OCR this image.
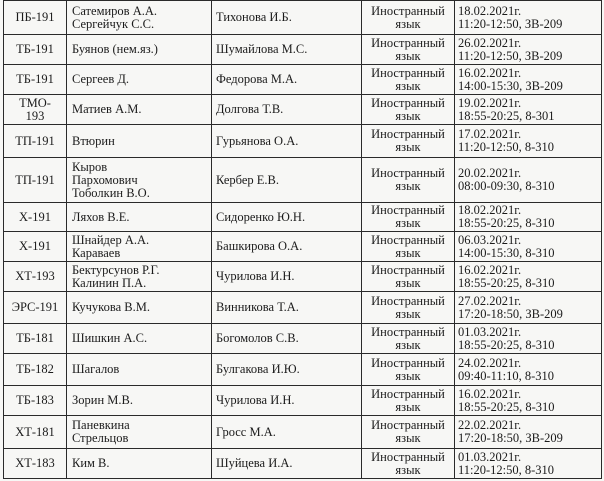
ПБ-191	Сатемиров А.А.
Сергейчук С.С.	Тихонова И.Б.	Иностранный
язык	18.02.2021г.
11:20-12:50, ЗВ-209

ТБ-191	Буянов (нем.яз.)	Шумайлова М.С.	Иностранный
язык	26.02.2021г.
11:20-12:50, ЗВ-209

ТБ-191	Сергеев Д.	Федорова М.А.	Иностранный
язык	16.02.2021г.
14:00-15:30, ЗВ-209

ТМО-
193	Матиев А.М.	Долгова Т.В.	Иностранный
язык	19.02.2021г.
18:55-20:25, 8-301

ТП-191	Втюрин	Гурьянова О.А.	Иностранный
язык	17.02.2021г.
11:20-12:50, 8-310

ТП-191	Кыров
Пархомович
Тоболкин В.О.	Кербер Е.В.	Иностранный
язык	20.02.2021г.
08:00-09:30, 8-310

Х-191	Ляхов В.Е.	Сидоренко Ю.Н.	Иностранный
язык	18.02.2021г.
18:55-20:25, 8-310

Х-191	Шнайдер А.А.
Караваев	Башкирова О.А.	Иностранный
язык	06.03.2021г.
14:00-15:30, 8-310

ХТ-193	Бектурсунов Р.Г.
Калинин П.А.	Чурилова И.Н.	Иностранный
язык	16.02.2021г.
18:55-20:25, 8-310

ЭРС-191	Кучукова В.М.	Винникова Т.А.	Иностранный
язык	27.02.2021г.
17:20-18:50, ЗВ-209

ТБ-181	Шишкин А.С.	Богомолов С.В.	Иностранный
язык	01.03.2021г.
18:55-20:25, 8-310

ТБ-182	Шагалов	Булгакова И.Ю.	Иностранный
язык	24.02.2021г.
09:40-11:10, 8-310

ТБ-183	Зорин М.В.	Чурилова И.Н.	Иностранный
язык	16.02.2021г.
18:55-20:25, 8-310

ХТ-181	Паневкина
Стрельцов	Гросс М.А.	Иностранный
язык	22.02.2021г.
17:20-18:50, ЗВ-209

ХТ-183	Ким В.	Шуйцева И.А.	Иностранный
язык	01.03.2021г.
11:20-12:50, 8-310
